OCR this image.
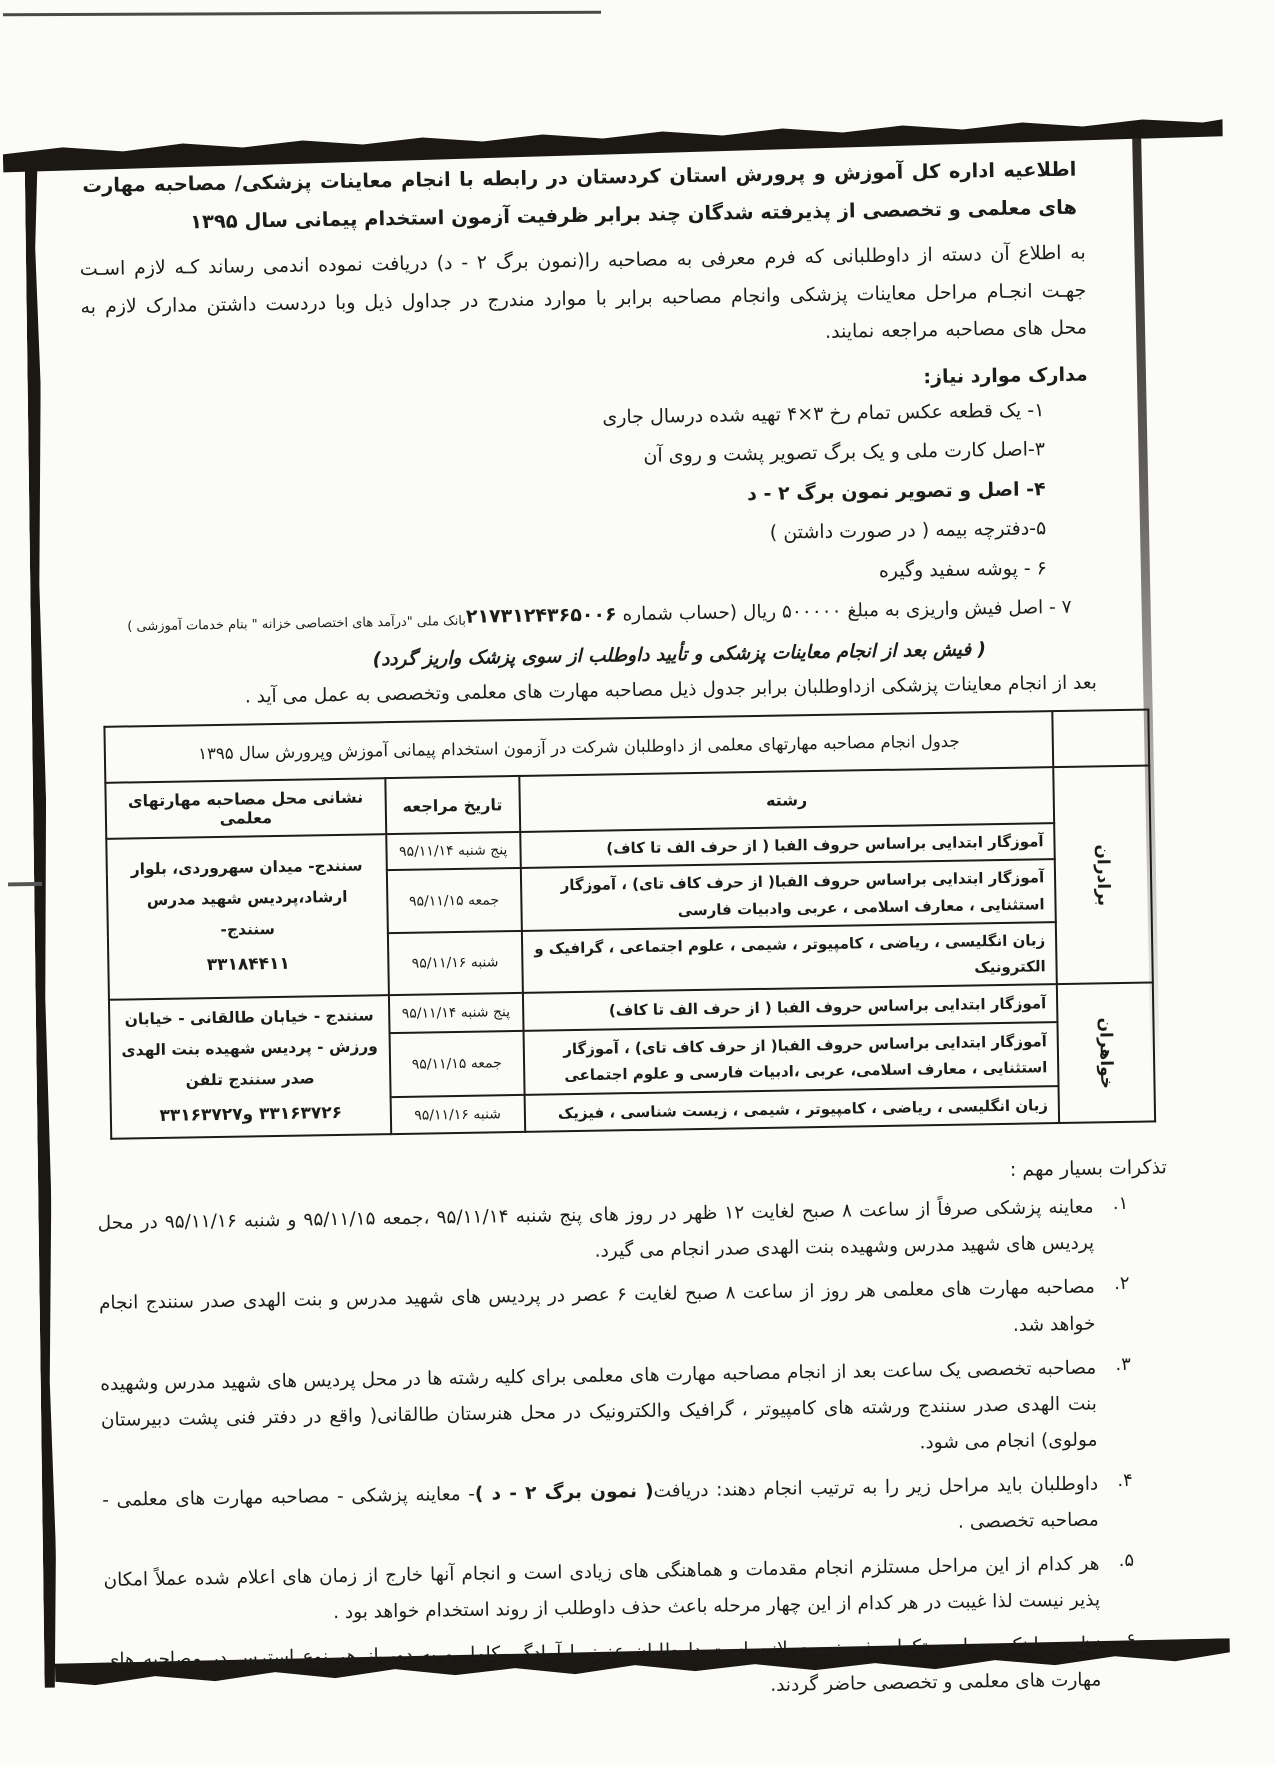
اطلاعیه اداره کل آموزش و پرورش استان کردستان در رابطه با انجام معاینات پزشکی/ مصاحبه مهارت های معلمی و تخصصی از پذیرفته شدگان چند برابر ظرفیت آزمون استخدام پیمانی سال ۱۳۹۵
به اطلاع آن دسته از داوطلبانی که فرم معرفی به مصاحبه را(نمون برگ ۲ - د) دریافت نموده اندمی رساند کـه لازم اسـت جهـت انجـام مراحل معاینات پزشکی وانجام مصاحبه برابر با موارد مندرج در جداول ذیل وبا دردست داشتن مدارک لازم به محل های مصاحبه مراجعه نمایند.
مدارک موارد نیاز:
۱- یک قطعه عکس تمام رخ ۳×۴ تهیه شده درسال جاری
۳-اصل کارت ملی و یک برگ تصویر پشت و روی آن
۴- اصل و تصویر نمون برگ ۲ - د
۵-دفترچه بیمه ( در صورت داشتن )
۶ - پوشه سفید وگیره
۷ - اصل فیش واریزی به مبلغ ۵۰۰۰۰۰ ریال (حساب شماره ۲۱۷۳۱۲۴۳۶۵۰۰۶بانک ملی "درآمد های اختصاصی خزانه " بنام خدمات آموزشی )
( فیش بعد از انجام معاینات پزشکی و تأیید داوطلب از سوی پزشک واریز گردد)
بعد از انجام معاینات پزشکی ازداوطلبان برابر جدول ذیل مصاحبه مهارت های معلمی وتخصصی به عمل می آید .
	جدول انجام مصاحبه مهارتهای معلمی از داوطلبان شرکت در آزمون استخدام پیمانی آموزش وپرورش سال ۱۳۹۵		
برادران	رشته	تاریخ مراجعه	نشانی محل مصاحبه مهارتهای معلمی
	آموزگار ابتدایی براساس حروف الفبا ( از حرف الف تا کاف)	پنج شنبه ۹۵/۱۱/۱۴	سنندج- میدان سهروردی، بلوار ارشاد،پردیس شهید مدرس سنندج-
۳۳۱۸۴۴۱۱

	آموزگار ابتدایی براساس حروف الفبا( از حرف کاف تای) ، آموزگار استثنایی ، معارف اسلامی ، عربی وادبیات فارسی	جمعه ۹۵/۱۱/۱۵	
	زبان انگلیسی ، ریاضی ، کامپیوتر ، شیمی ، علوم اجتماعی ، گرافیک و الکترونیک	شنبه ۹۵/۱۱/۱۶	
خواهران	آموزگار ابتدایی براساس حروف الفبا ( از حرف الف تا کاف)	پنج شنبه ۹۵/۱۱/۱۴	سنندج - خیابان طالقانی - خیابان ورزش - پردیس شهیده بنت الهدی صدر سنندج تلفن
۳۳۱۶۳۷۲۶ و۳۳۱۶۳۷۲۷

	آموزگار ابتدایی براساس حروف الفبا( از حرف کاف تای) ، آموزگار استثنایی ، معارف اسلامی، عربی ،ادبیات فارسی و علوم اجتماعی	جمعه ۹۵/۱۱/۱۵	
	زبان انگلیسی ، ریاضی ، کامپیوتر ، شیمی ، زیست شناسی ، فیزیک	شنبه ۹۵/۱۱/۱۶	
تذکرات بسیار مهم :
۱.
معاینه پزشکی صرفاً از ساعت ۸ صبح لغایت ۱۲ ظهر در روز های پنج شنبه ۹۵/۱۱/۱۴ ،جمعه ۹۵/۱۱/۱۵ و شنبه ۹۵/۱۱/۱۶ در محل پردیس های شهید مدرس وشهیده بنت الهدی صدر انجام می گیرد.
۲.
مصاحبه مهارت های معلمی هر روز از ساعت ۸ صبح لغایت ۶ عصر در پردیس های شهید مدرس و بنت الهدی صدر سنندج انجام خواهد شد.
۳.
مصاحبه تخصصی یک ساعت بعد از انجام مصاحبه مهارت های معلمی برای کلیه رشته ها در محل پردیس های شهید مدرس وشهیده بنت الهدی صدر سنندج ورشته های کامپیوتر ، گرافیک والکترونیک در محل هنرستان طالقانی( واقع در دفتر فنی پشت دبیرستان مولوی) انجام می شود.
۴.
داوطلبان باید مراحل زیر را به ترتیب انجام دهند: دریافت( نمون برگ ۲ - د )- معاینه پزشکی - مصاحبه مهارت های معلمی - مصاحبه تخصصی .
۵.
هر کدام از این مراحل مستلزم انجام مقدمات و هماهنگی های زیادی است و انجام آنها خارج از زمان های اعلام شده عملاً امکان پذیر نیست لذا غیبت در هر کدام از این چهار مرحله باعث حذف داوطلب از روند استخدام خواهد بود .
۶.
نظر به اینکه مصاحبه تکرار پذیر نیست لازم است داوطلبان عزیز با آمادگی کامل و به دور از هر نوع استرس در مصاحبه های مهارت های معلمی و تخصصی حاضر گردند.
